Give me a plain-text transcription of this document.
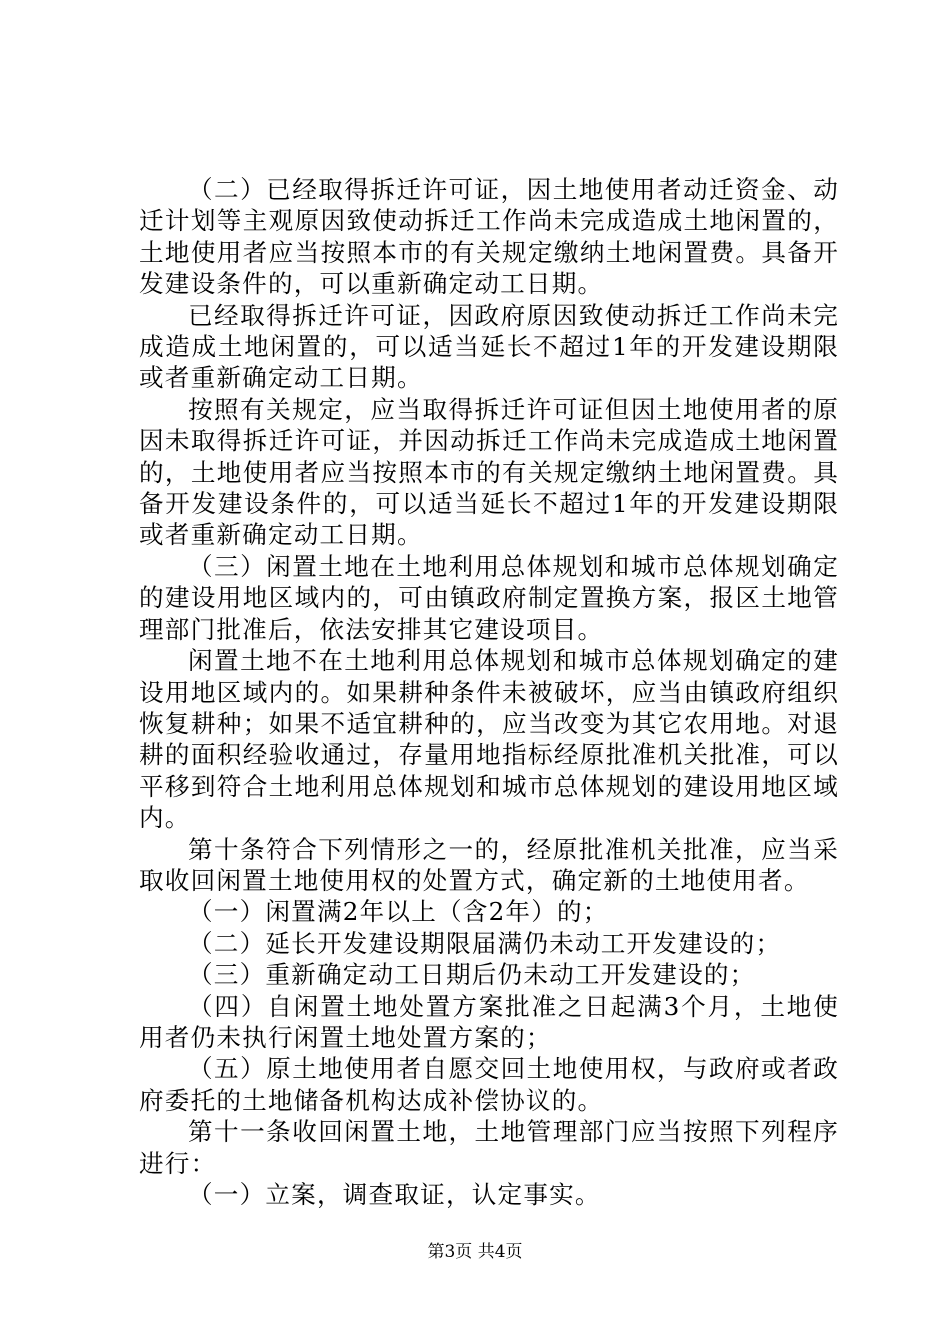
（二）已经取得拆迁许可证，因土地使用者动迁资金、动迁计划等主观原因致使动拆迁工作尚未完成造成土地闲置的，土地使用者应当按照本市的有关规定缴纳土地闲置费。具备开发建设条件的，可以重新确定动工日期。

已经取得拆迁许可证，因政府原因致使动拆迁工作尚未完成造成土地闲置的，可以适当延长不超过1年的开发建设期限或者重新确定动工日期。

按照有关规定，应当取得拆迁许可证但因土地使用者的原因未取得拆迁许可证，并因动拆迁工作尚未完成造成土地闲置的，土地使用者应当按照本市的有关规定缴纳土地闲置费。具备开发建设条件的，可以适当延长不超过1年的开发建设期限或者重新确定动工日期。

（三）闲置土地在土地利用总体规划和城市总体规划确定的建设用地区域内的，可由镇政府制定置换方案，报区土地管理部门批准后，依法安排其它建设项目。

闲置土地不在土地利用总体规划和城市总体规划确定的建设用地区域内的。如果耕种条件未被破坏，应当由镇政府组织恢复耕种；如果不适宜耕种的，应当改变为其它农用地。对退耕的面积经验收通过，存量用地指标经原批准机关批准，可以平移到符合土地利用总体规划和城市总体规划的建设用地区域内。

第十条符合下列情形之一的，经原批准机关批准，应当采取收回闲置土地使用权的处置方式，确定新的土地使用者。

（一）闲置满2年以上（含2年）的；

（二）延长开发建设期限届满仍未动工开发建设的；

（三）重新确定动工日期后仍未动工开发建设的；

（四）自闲置土地处置方案批准之日起满3个月，土地使用者仍未执行闲置土地处置方案的；

（五）原土地使用者自愿交回土地使用权，与政府或者政府委托的土地储备机构达成补偿协议的。

第十一条收回闲置土地，土地管理部门应当按照下列程序进行：

（一）立案，调查取证，认定事实。

第3页 共4页
